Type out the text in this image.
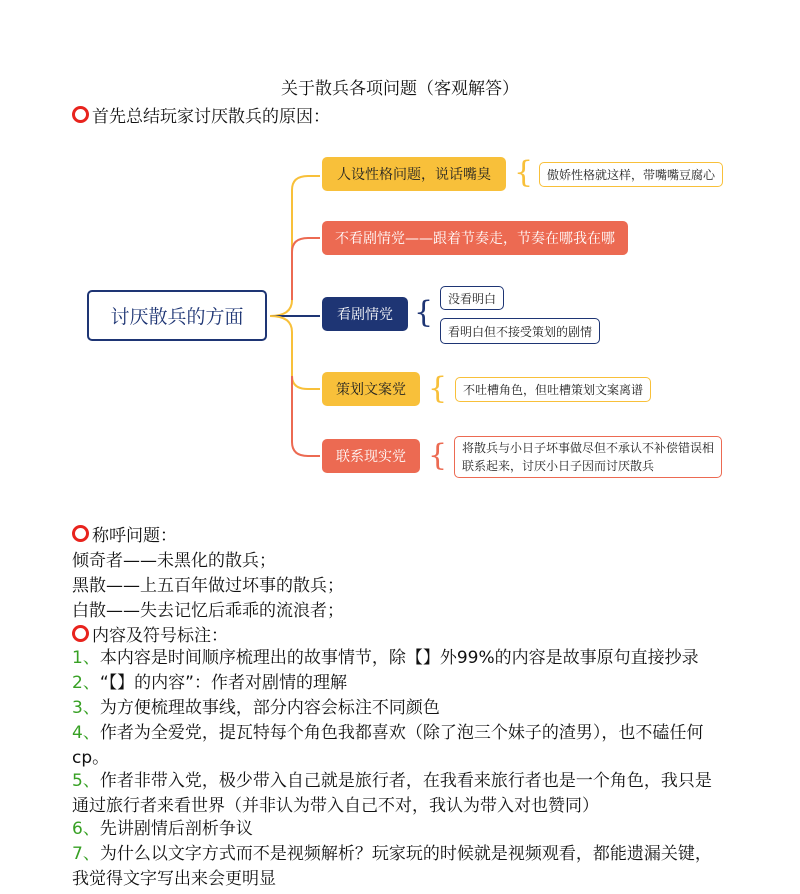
关于散兵各项问题（客观解答）
首先总结玩家讨厌散兵的原因：
讨厌散兵的方面
人设性格问题，说话嘴臭 {	傲娇性格就这样，带嘴嘴豆腐心
不看剧情党——跟着节奏走，节奏在哪我在哪
看剧情党 {	没看明白
看明白但不接受策划的剧情
策划文案党 {	不吐槽角色，但吐槽策划文案离谱
联系现实党 { 将散兵与小日子坏事做尽但不承认不补偿错误相
联系起来，讨厌小日子因而讨厌散兵
称呼问题：
倾奇者——未黑化的散兵；
黑散——上五百年做过坏事的散兵；
白散——失去记忆后乖乖的流浪者；
内容及符号标注：
1、本内容是时间顺序梳理出的故事情节，除【】外99%的内容是故事原句直接抄录
2、“【】的内容”：作者对剧情的理解
3、为方便梳理故事线，部分内容会标注不同颜色
4、作者为全爱党，提瓦特每个角色我都喜欢（除了泡三个妹子的渣男），也不磕任何cp。
5、作者非带入党，极少带入自己就是旅行者，在我看来旅行者也是一个角色，我只是通过旅行者来看世界（并非认为带入自己不对，我认为带入对也赞同）
6、先讲剧情后剖析争议
7、为什么以文字方式而不是视频解析？玩家玩的时候就是视频观看，都能遗漏关键，我觉得文字写出来会更明显
